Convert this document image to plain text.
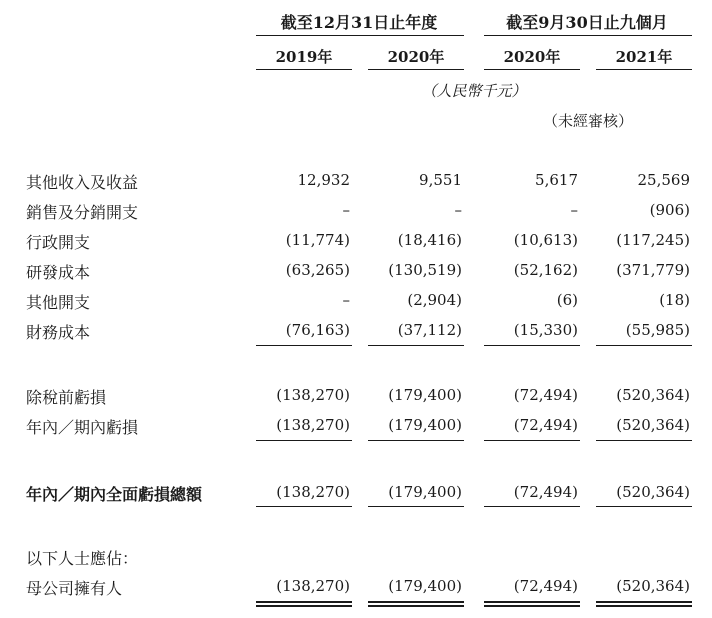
截至12月31日止年度	截至9月30日止九個月
2019年	2020年	2020年	2021年
（人民幣千元）
（未經審核）
其他收入及收益	12,932	9,551	5,617	25,569
銷售及分銷開支	–	–	–	(906)
行政開支	(11,774)	(18,416)	(10,613)	(117,245)
研發成本	(63,265)	(130,519)	(52,162)	(371,779)
其他開支	–	(2,904)	(6)	(18)
財務成本	(76,163)	(37,112)	(15,330)	(55,985)
除稅前虧損	(138,270)	(179,400)	(72,494)	(520,364)
年內／期內虧損	(138,270)	(179,400)	(72,494)	(520,364)
年內／期內全面虧損總額	(138,270)	(179,400)	(72,494)	(520,364)
以下人士應佔：
母公司擁有人	(138,270)	(179,400)	(72,494)	(520,364)
